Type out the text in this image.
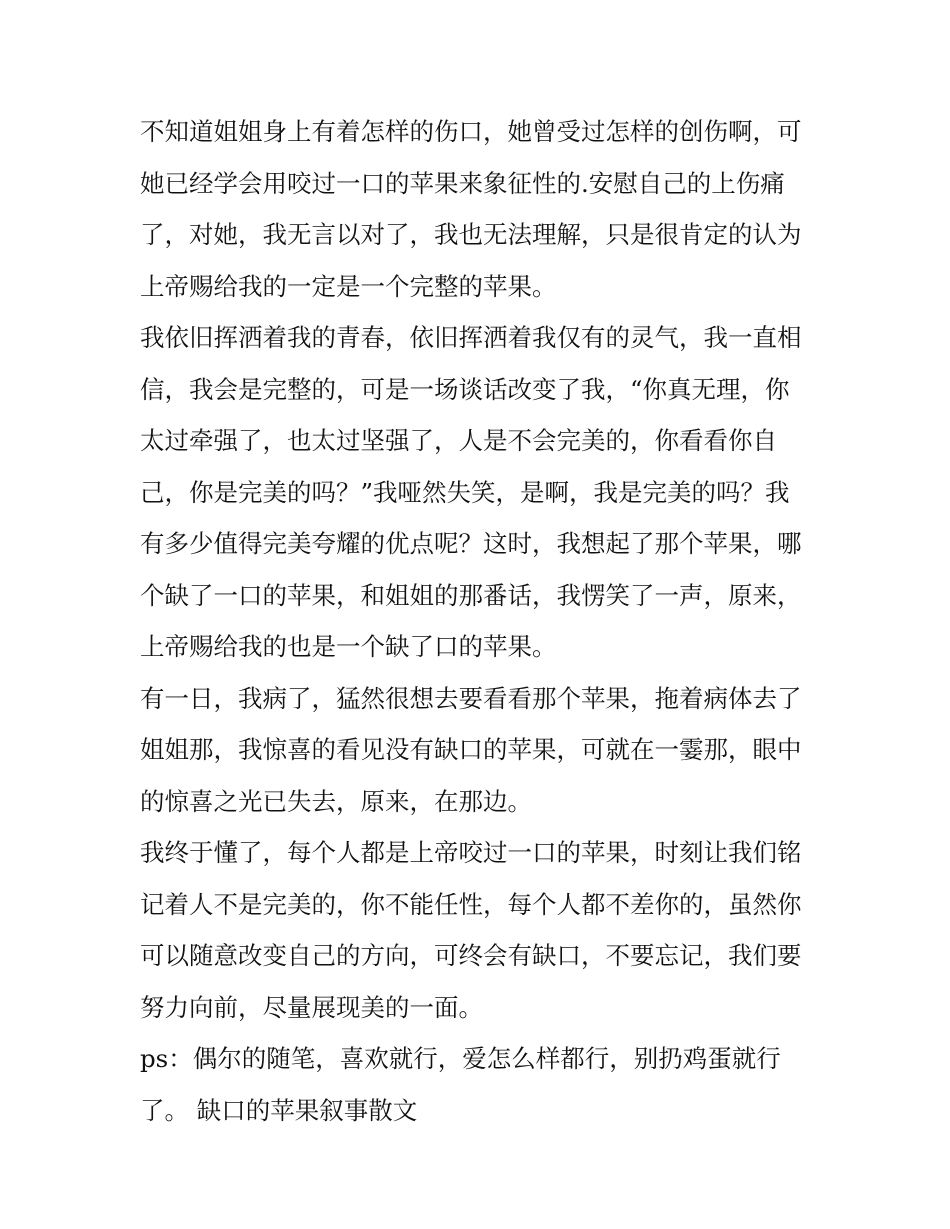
不知道姐姐身上有着怎样的伤口，她曾受过怎样的创伤啊，可
她已经学会用咬过一口的苹果来象征性的.安慰自己的上伤痛
了，对她，我无言以对了，我也无法理解，只是很肯定的认为
上帝赐给我的一定是一个完整的苹果。
我依旧挥洒着我的青春，依旧挥洒着我仅有的灵气，我一直相
信，我会是完整的，可是一场谈话改变了我，“你真无理，你
太过牵强了，也太过坚强了，人是不会完美的，你看看你自
己，你是完美的吗？”我哑然失笑，是啊，我是完美的吗？我
有多少值得完美夸耀的优点呢？这时，我想起了那个苹果，哪
个缺了一口的苹果，和姐姐的那番话，我愣笑了一声，原来，
上帝赐给我的也是一个缺了口的苹果。
有一日，我病了，猛然很想去要看看那个苹果，拖着病体去了
姐姐那，我惊喜的看见没有缺口的苹果，可就在一霎那，眼中
的惊喜之光已失去，原来，在那边。
我终于懂了，每个人都是上帝咬过一口的苹果，时刻让我们铭
记着人不是完美的，你不能任性，每个人都不差你的，虽然你
可以随意改变自己的方向，可终会有缺口，不要忘记，我们要
努力向前，尽量展现美的一面。
ps：偶尔的随笔，喜欢就行，爱怎么样都行，别扔鸡蛋就行
了。 缺口的苹果叙事散文
